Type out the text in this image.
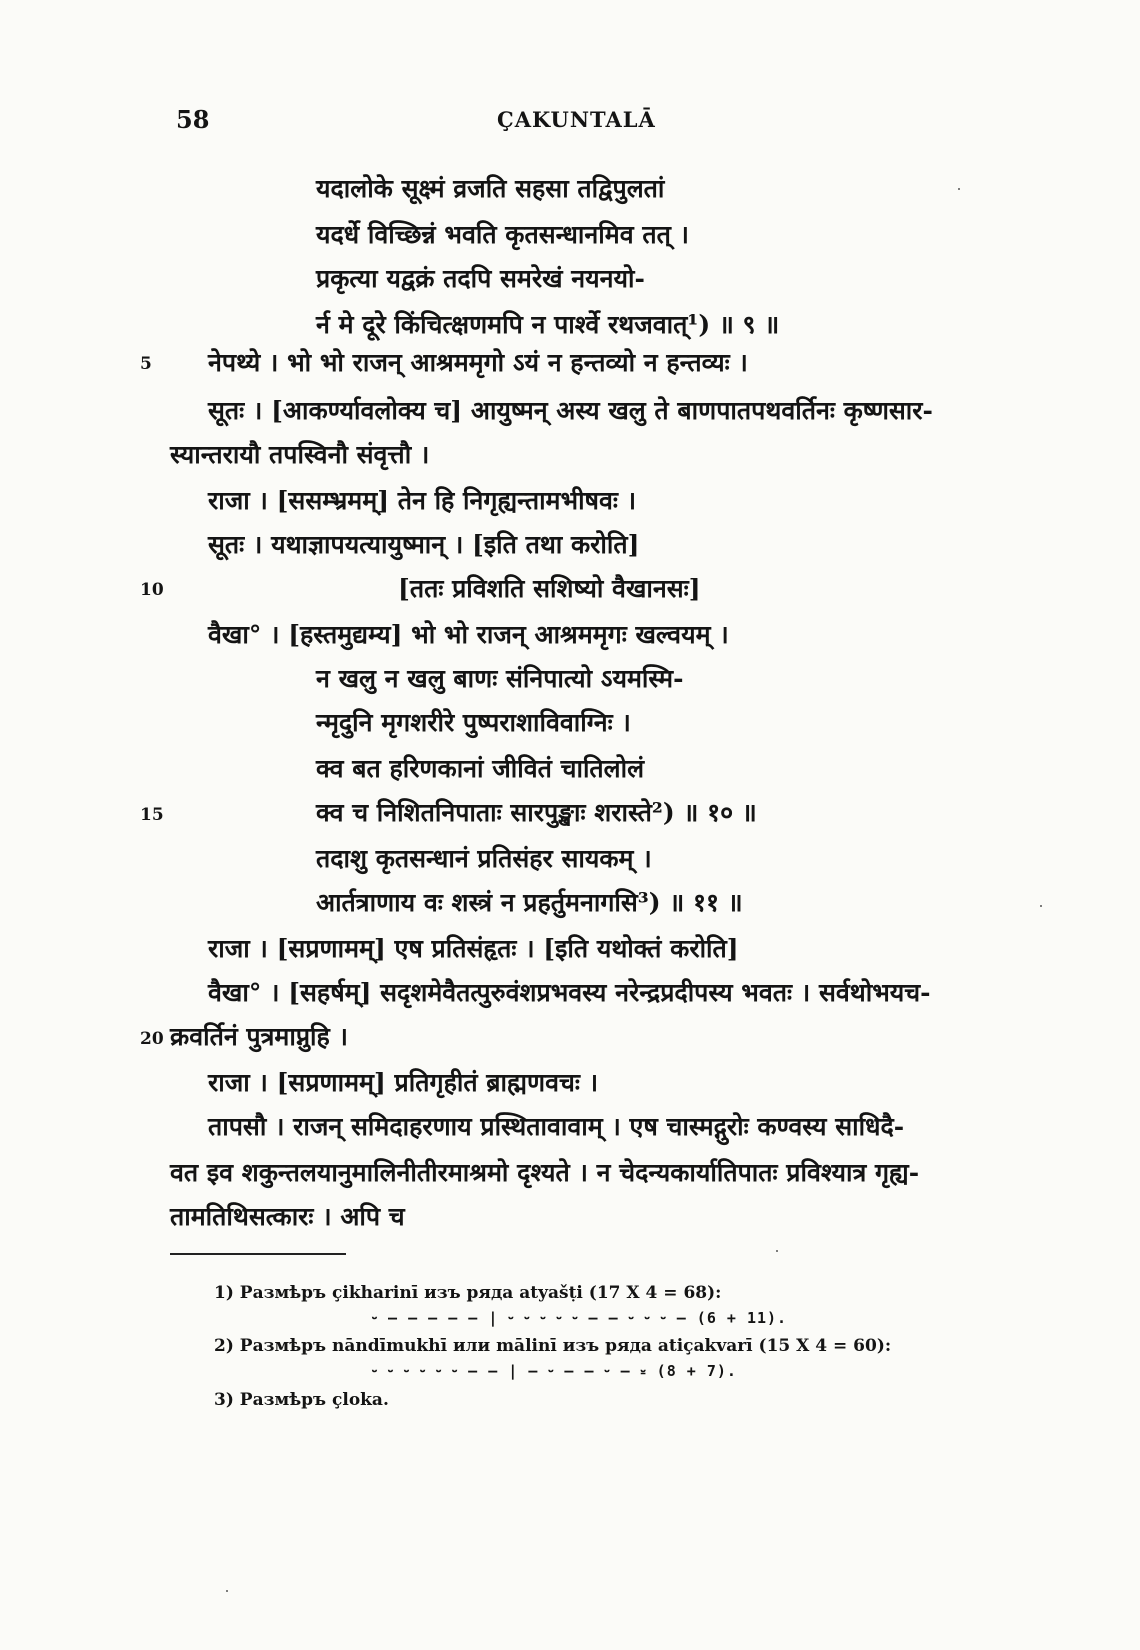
58	ÇAKUNTALĀ
यदालोके सूक्ष्मं व्रजति सहसा तद्विपुलतां
यदर्धे विच्छिन्नं भवति कृतसन्धानमिव तत् ।
प्रकृत्या यद्वक्रं तदपि समरेखं नयनयो-
र्न मे दूरे किंचित्क्षणमपि न पार्श्वे रथजवात्¹) ॥ ९ ॥
5 नेपथ्ये । भो भो राजन् आश्रममृगो ऽयं न हन्तव्यो न हन्तव्यः ।
सूतः । [आकर्ण्यावलोक्य च] आयुष्मन् अस्य खलु ते बाणपातपथवर्तिनः कृष्णसार-
स्यान्तरायौ तपस्विनौ संवृत्तौ ।
राजा । [ससम्भ्रमम्] तेन हि निगृह्यन्तामभीषवः ।
सूतः । यथाज्ञापयत्यायुष्मान् । [इति तथा करोति]
10	[ततः प्रविशति सशिष्यो वैखानसः]
वैखा° । [हस्तमुद्यम्य] भो भो राजन् आश्रममृगः खल्वयम् ।
न खलु न खलु बाणः संनिपात्यो ऽयमस्मि-
न्मृदुनि मृगशरीरे पुष्पराशाविवाग्निः ।
क्व बत हरिणकानां जीवितं चातिलोलं
15	क्व च निशितनिपाताः सारपुङ्खाः शरास्ते²) ॥ १० ॥
तदाशु कृतसन्धानं प्रतिसंहर सायकम् ।
आर्तत्राणाय वः शस्त्रं न प्रहर्तुमनागसि³) ॥ ११ ॥
राजा । [सप्रणामम्] एष प्रतिसंहृतः । [इति यथोक्तं करोति]
वैखा° । [सहर्षम्] सदृशमेवैतत्पुरुवंशप्रभवस्य नरेन्द्रप्रदीपस्य भवतः । सर्वथोभयच-
20 क्रवर्तिनं पुत्रमाप्नुहि ।
राजा । [सप्रणामम्] प्रतिगृहीतं ब्राह्मणवचः ।
तापसौ । राजन् समिदाहरणाय प्रस्थितावावाम् । एष चास्मद्गुरोः कण्वस्य साधिदै-
वत इव शकुन्तलयानुमालिनीतीरमाश्रमो दृश्यते । न चेदन्यकार्यातिपातः प्रविश्यात्र गृह्य-
तामतिथिसत्कारः । अपि च
1) Размѣръ çikharinī изъ ряда atyašṭi (17 X 4 = 68):
⏑ – – – – – | ⏑ ⏑ ⏑ ⏑ ⏑ – – ⏑ ⏑ ⏑ – (6 + 11).
2) Размѣръ nāndīmukhī или mālinī изъ ряда atiçakvarī (15 X 4 = 60):
⏑ ⏑ ⏑ ⏑ ⏑ ⏑ – – | – ⏑ – – ⏑ – ⏓ (8 + 7).
3) Размѣръ çloka.
